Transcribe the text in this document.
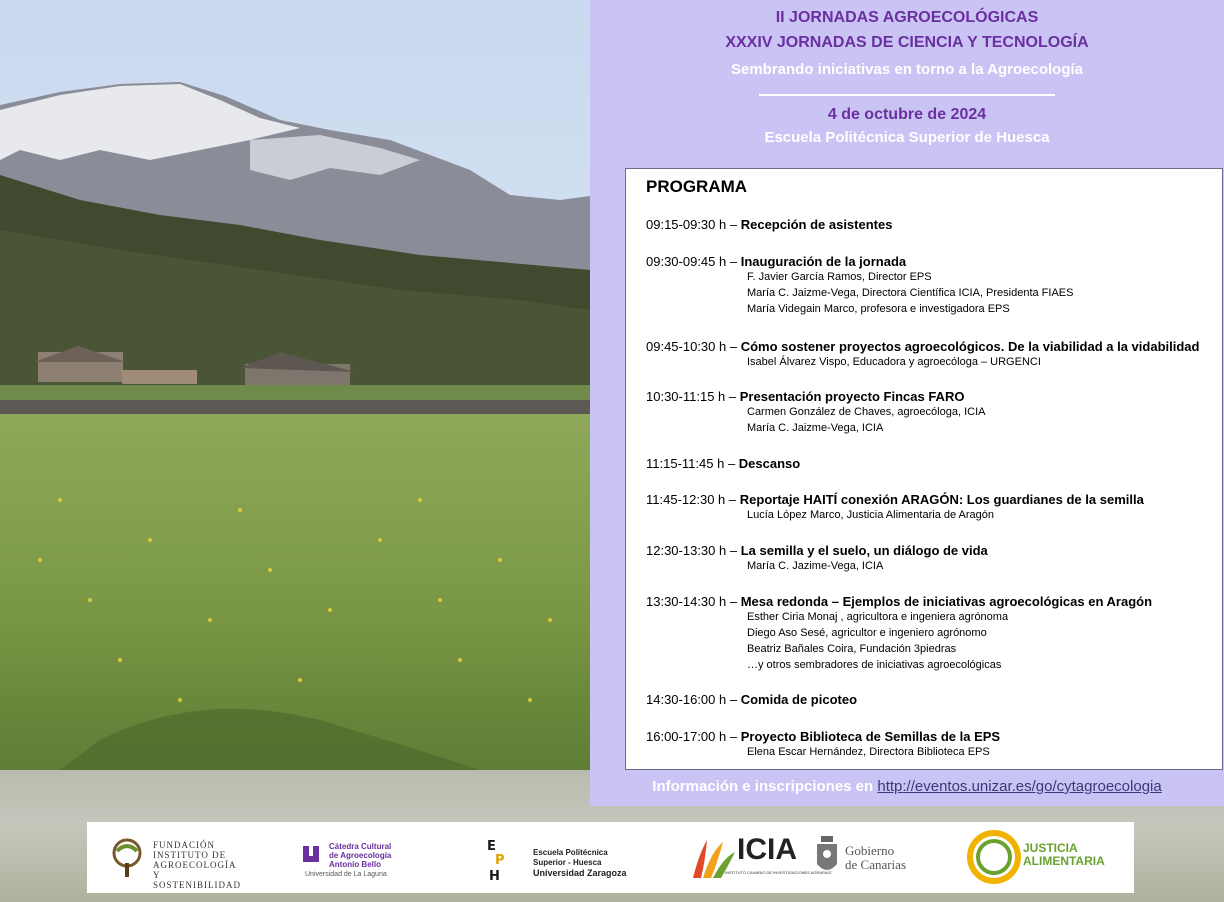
II JORNADAS AGROECOLÓGICAS
XXXIV JORNADAS DE CIENCIA Y TECNOLOGÍA
Sembrando iniciativas en torno a la Agroecología
4 de octubre de 2024
Escuela Politécnica Superior de Huesca
PROGRAMA
09:15-09:30 h – Recepción de asistentes
09:30-09:45 h – Inauguración de la jornada
F. Javier García Ramos, Director EPS
María C. Jaizme-Vega, Directora Científica ICIA, Presidenta FIAES
María Videgain Marco, profesora e investigadora EPS
09:45-10:30 h – Cómo sostener proyectos agroecológicos. De la viabilidad a la vidabilidad
Isabel Álvarez Vispo, Educadora y agroecóloga – URGENCI
10:30-11:15 h – Presentación proyecto Fincas FARO
Carmen González de Chaves, agroecóloga, ICIA
María C. Jaizme-Vega, ICIA
11:15-11:45 h – Descanso
11:45-12:30 h – Reportaje HAITÍ conexión ARAGÓN: Los guardianes de la semilla
Lucía López Marco, Justicia Alimentaria de Aragón
12:30-13:30 h – La semilla y el suelo, un diálogo de vida
María C. Jazime-Vega, ICIA
13:30-14:30 h – Mesa redonda – Ejemplos de iniciativas agroecológicas en Aragón
Esther Ciria Monaj , agricultora e ingeniera agrónoma
Diego Aso Sesé, agricultor e ingeniero agrónomo
Beatriz Bañales Coira, Fundación 3piedras
…y otros sembradores de iniciativas agroecológicas
14:30-16:00 h – Comida de picoteo
16:00-17:00 h – Proyecto Biblioteca de Semillas de la EPS
Elena Escar Hernández, Directora Biblioteca EPS
Información e inscripciones en http://eventos.unizar.es/go/cytagroecologia
FUNDACIÓN
INSTITUTO DE
AGROECOLOGÍA Y
SOSTENIBILIDAD
Cátedra Cultural
de Agroecología
Antonio Bello
Universidad de La Laguna
E
P
H
Escuela Politécnica
Superior - Huesca
Universidad Zaragoza
ICIA
INSTITUTO CANARIO DE INVESTIGACIONES AGRARIAS
Gobierno
de Canarias
JUSTICIA
ALIMENTARIA
